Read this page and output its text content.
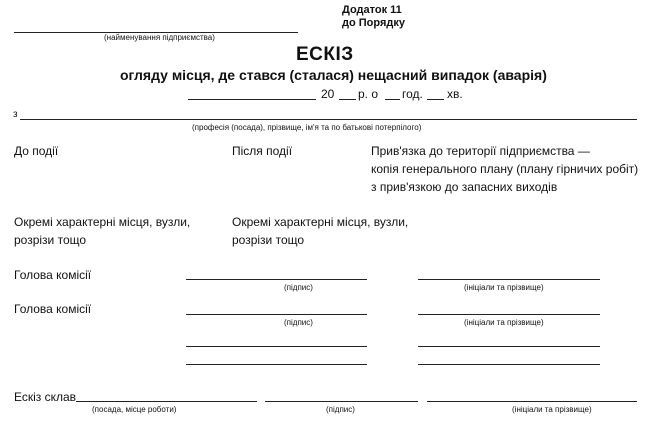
Додаток 11
до Порядку
(найменування підприємства)
ЕСКІЗ
огляду місця, де стався (сталася) нещасний випадок (аварія)
20 р. о год. хв.
з
(професія (посада), прізвище, ім'я та по батькові потерпілого)
До події	Після події	Прив'язка до території підприємства —
копія генерального плану (плану гірничих робіт)
з прив'язкою до запасних виходів
Окремі характерні місця, вузли,
розрізи тощо
Окремі характерні місця, вузли,
розрізи тощо
Голова комісії
(підпис)	(ініціали та прізвище)
Голова комісії
(підпис)	(ініціали та прізвище)
Ескіз склав
(посада, місце роботи)	(підпис)	(ініціали та прізвище)
